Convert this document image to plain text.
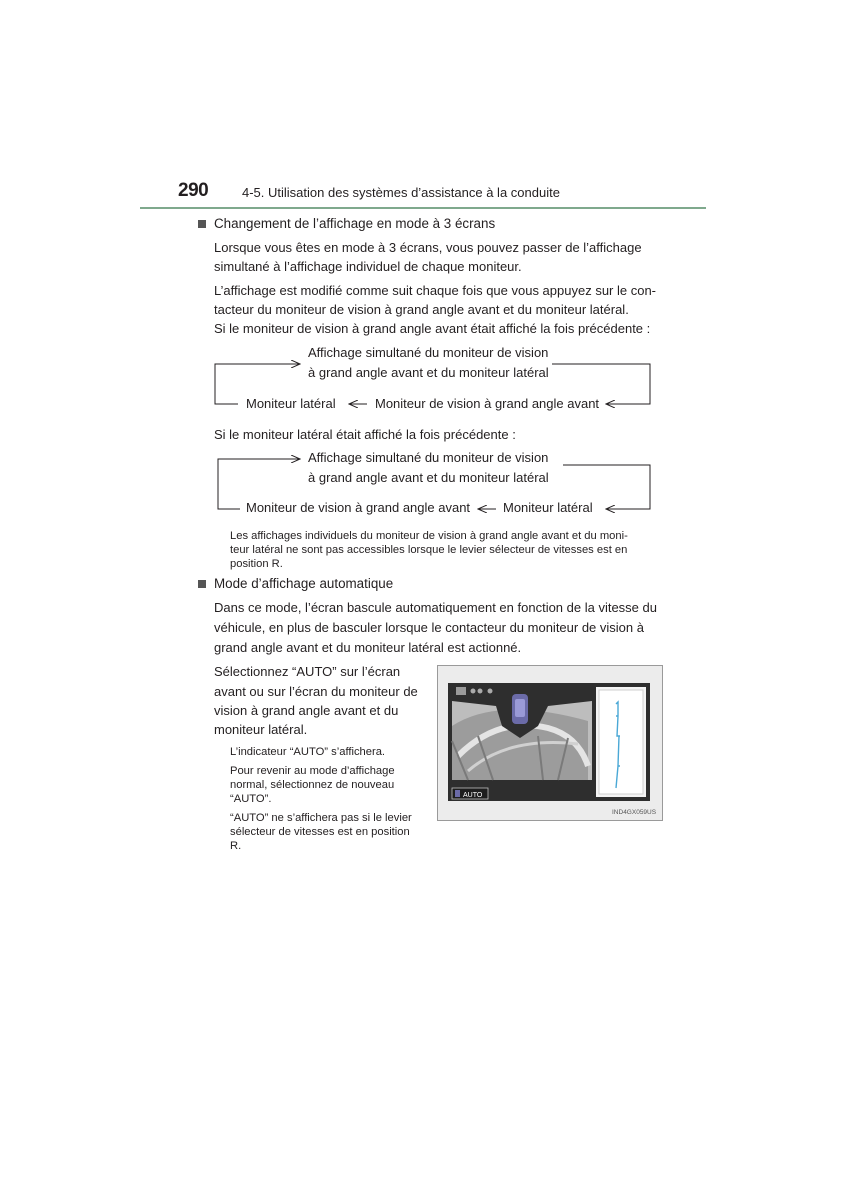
290	4-5. Utilisation des systèmes d’assistance à la conduite
Changement de l’affichage en mode à 3 écrans
Lorsque vous êtes en mode à 3 écrans, vous pouvez passer de l’affichage
simultané à l’affichage individuel de chaque moniteur.
L’affichage est modifié comme suit chaque fois que vous appuyez sur le con-
tacteur du moniteur de vision à grand angle avant et du moniteur latéral.
Si le moniteur de vision à grand angle avant était affiché la fois précédente :
Affichage simultané du moniteur de vision
à grand angle avant et du moniteur latéral
Moniteur latéral	Moniteur de vision à grand angle avant
Si le moniteur latéral était affiché la fois précédente :
Affichage simultané du moniteur de vision
à grand angle avant et du moniteur latéral
Moniteur de vision à grand angle avant	Moniteur latéral
Les affichages individuels du moniteur de vision à grand angle avant et du moni-
teur latéral ne sont pas accessibles lorsque le levier sélecteur de vitesses est en
position R.
Mode d’affichage automatique
Dans ce mode, l’écran bascule automatiquement en fonction de la vitesse du
véhicule, en plus de basculer lorsque le contacteur du moniteur de vision à
grand angle avant et du moniteur latéral est actionné.
Sélectionnez “AUTO” sur l’écran
avant ou sur l’écran du moniteur de
vision à grand angle avant et du
moniteur latéral.
L’indicateur “AUTO” s’affichera.
Pour revenir au mode d’affichage
normal, sélectionnez de nouveau
“AUTO”.
“AUTO” ne s’affichera pas si le levier
sélecteur de vitesses est en position
R.
AUTO
IND4GX059US
